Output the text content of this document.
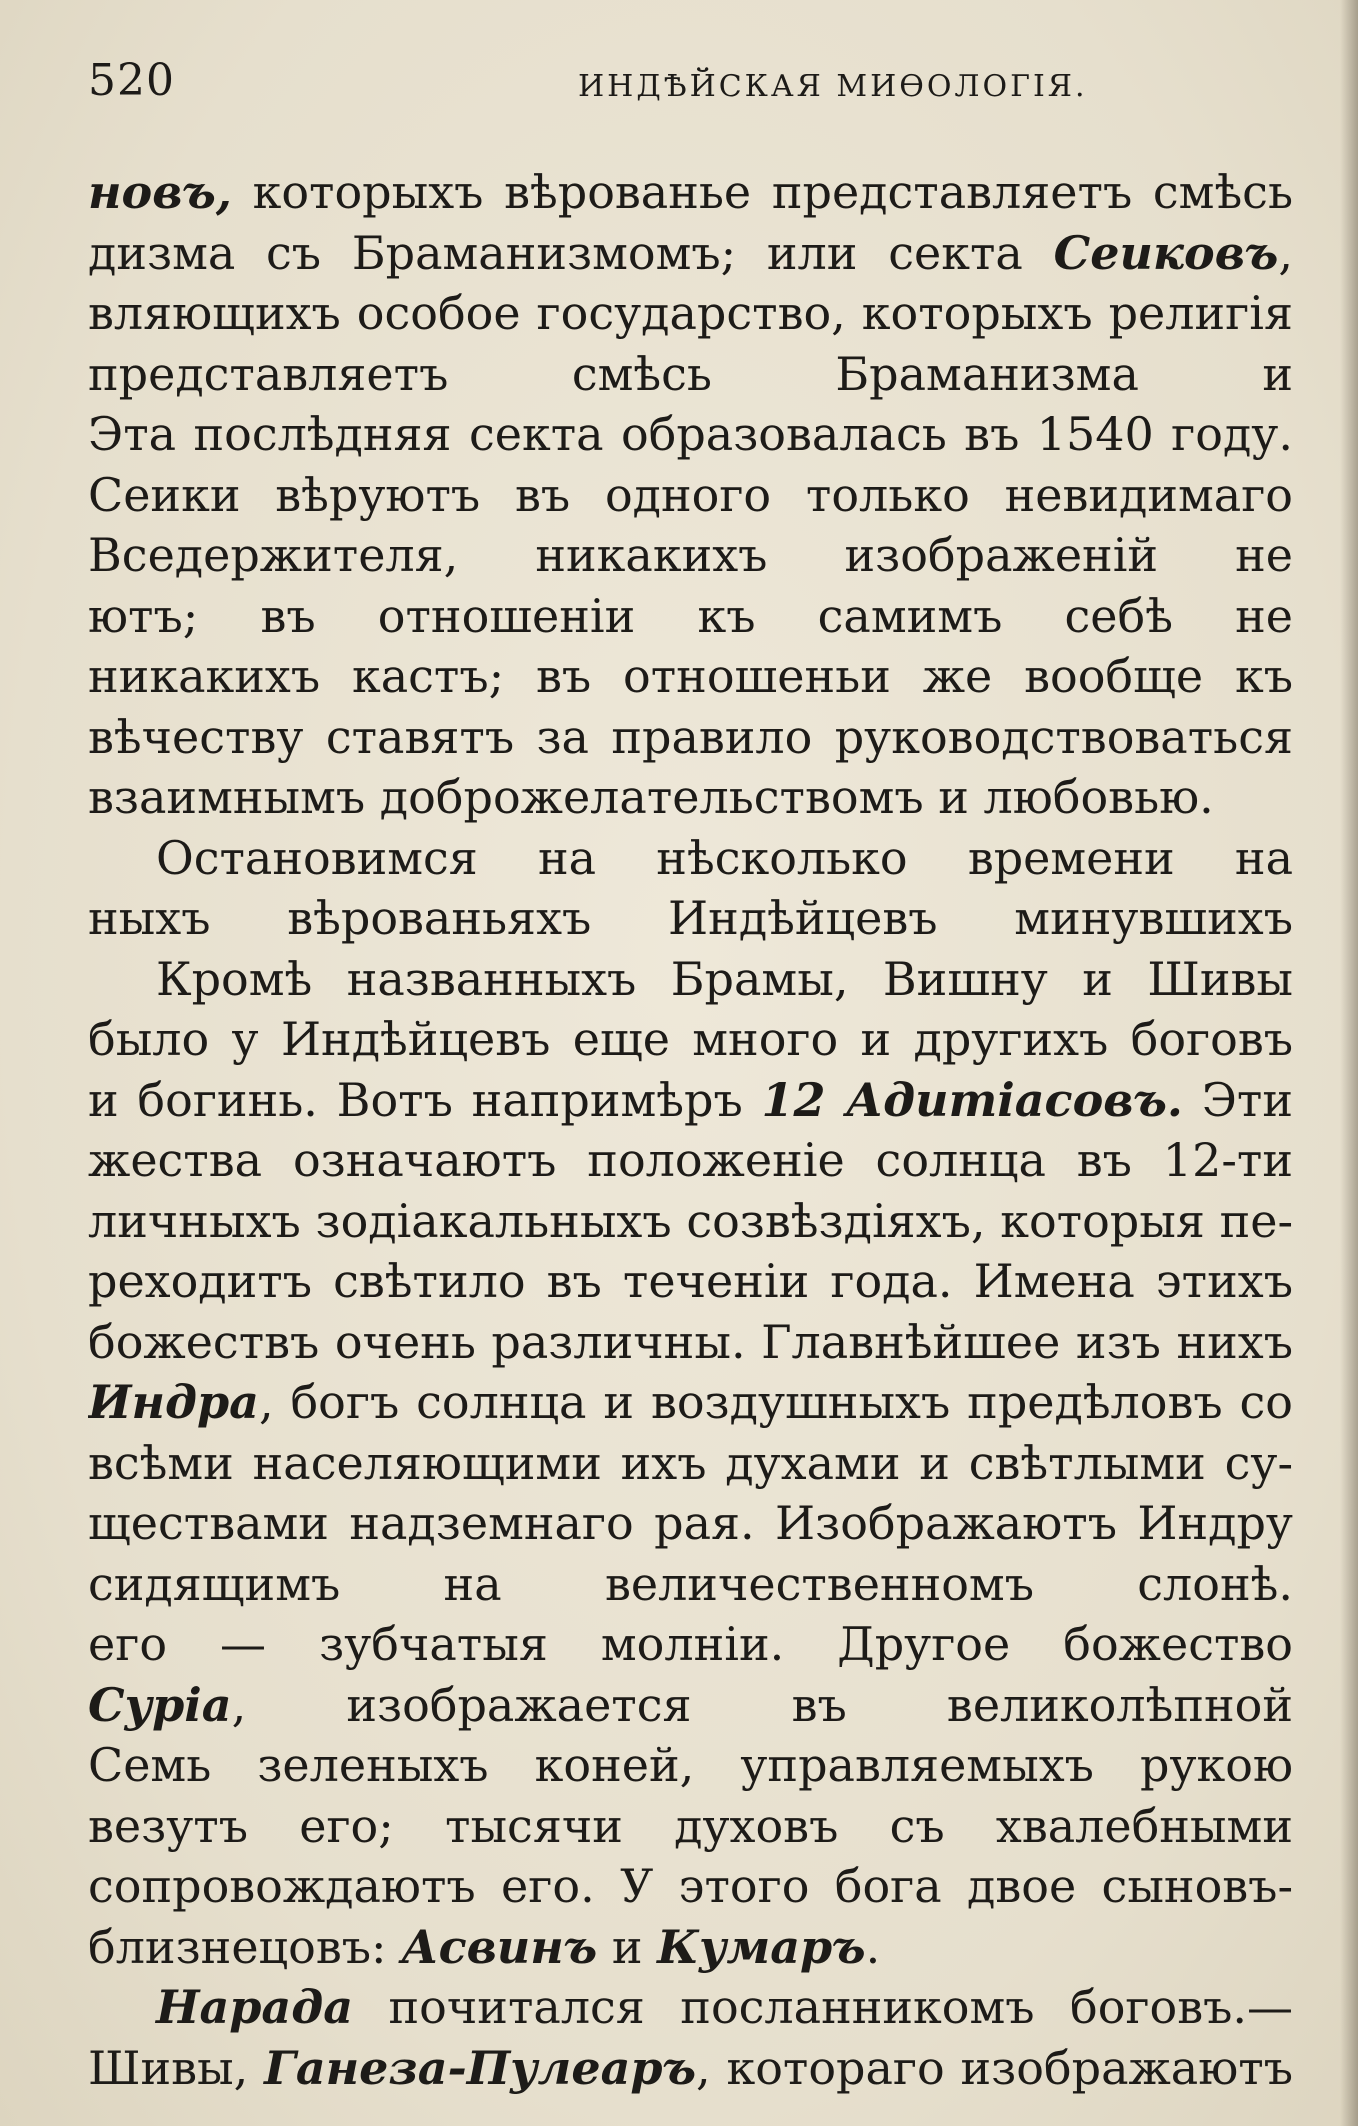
520	ИНДѢЙСКАЯ МИѲОЛОГІЯ.
новъ, которыхъ вѣрованье представляетъ смѣсь
дизма съ Браманизмомъ; или секта Сеиковъ,
вляющихъ особое государство, которыхъ религія
представляетъ смѣсь Браманизма и
Эта послѣдняя секта образовалась въ 1540 году.
Сеики вѣруютъ въ одного только невидимаго
Вседержителя, никакихъ изображеній не
ютъ; въ отношеніи къ самимъ себѣ не
никакихъ кастъ; въ отношеньи же вообще къ
вѣчеству ставятъ за правило руководствоваться
взаимнымъ доброжелательствомъ и любовью.
Остановимся на нѣсколько времени на
ныхъ вѣрованьяхъ Индѣйцевъ минувшихъ
Кромѣ названныхъ Брамы, Вишну и Шивы
было у Индѣйцевъ еще много и другихъ боговъ
и богинь. Вотъ напримѣръ 12 Адитіасовъ. Эти
жества означаютъ положеніе солнца въ 12-ти
личныхъ зодіакальныхъ созвѣздіяхъ, которыя пе-
реходитъ свѣтило въ теченіи года. Имена этихъ
божествъ очень различны. Главнѣйшее изъ нихъ
Индра, богъ солнца и воздушныхъ предѣловъ со
всѣми населяющими ихъ духами и свѣтлыми су-
ществами надземнаго рая. Изображаютъ Индру
сидящимъ на величественномъ слонѣ.
его — зубчатыя молніи. Другое божество
Суріа, изображается въ великолѣпной
Семь зеленыхъ коней, управляемыхъ рукою
везутъ его; тысячи духовъ съ хвалебными
сопровождаютъ его. У этого бога двое сыновъ-
близнецовъ: Асвинъ и Кумаръ.
Нарада почитался посланникомъ боговъ.—
Шивы, Ганеза-Пулеаръ, котораго изображаютъ
